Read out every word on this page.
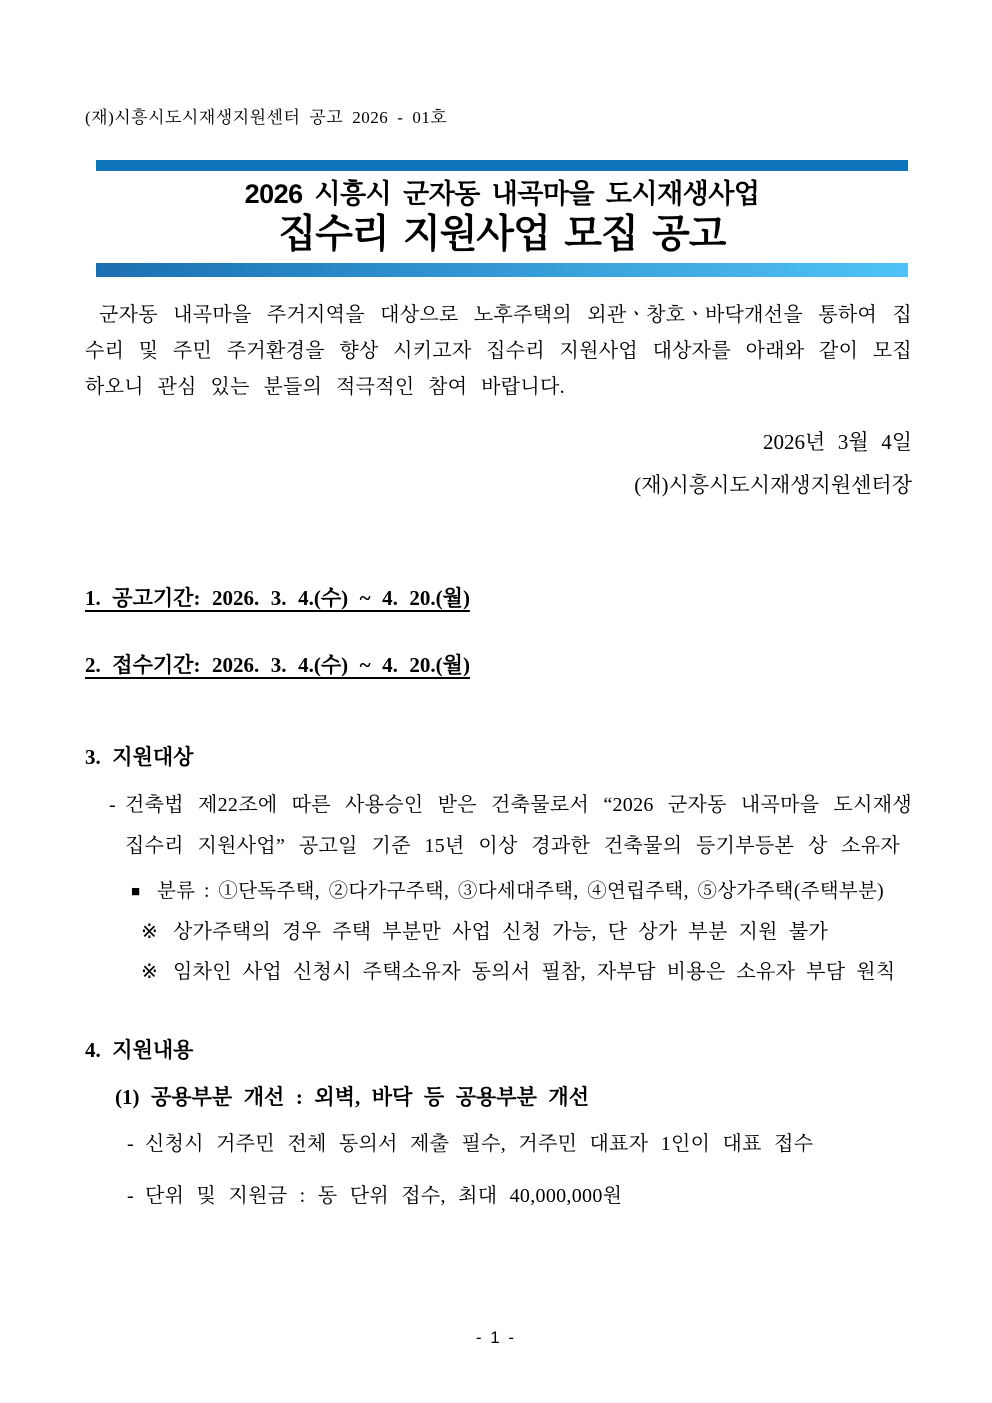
(재)시흥시도시재생지원센터 공고 2026 - 01호
2026 시흥시 군자동 내곡마을 도시재생사업
집수리 지원사업 모집 공고

군자동 내곡마을 주거지역을 대상으로 노후주택의 외관ㆍ창호ㆍ바닥개선을 통하여 집수리 및 주민 주거환경을 향상 시키고자 집수리 지원사업 대상자를 아래와 같이 모집하오니 관심 있는 분들의 적극적인 참여 바랍니다.

2026년 3월 4일
(재)시흥시도시재생지원센터장
1. 공고기간: 2026. 3. 4.(수) ~ 4. 20.(월)
2. 접수기간: 2026. 3. 4.(수) ~ 4. 20.(월)
3. 지원대상
- 건축법 제22조에 따른 사용승인 받은 건축물로서 “2026 군자동 내곡마을 도시재생 집수리 지원사업” 공고일 기준 15년 이상 경과한 건축물의 등기부등본 상 소유자
■ 분류 : ①단독주택, ②다가구주택, ③다세대주택, ④연립주택, ⑤상가주택(주택부분)
※ 상가주택의 경우 주택 부분만 사업 신청 가능, 단 상가 부분 지원 불가
※ 임차인 사업 신청시 주택소유자 동의서 필참, 자부담 비용은 소유자 부담 원칙
4. 지원내용
(1) 공용부분 개선 : 외벽, 바닥 등 공용부분 개선
- 신청시 거주민 전체 동의서 제출 필수, 거주민 대표자 1인이 대표 접수
- 단위 및 지원금 : 동 단위 접수, 최대 40,000,000원
- 1 -
